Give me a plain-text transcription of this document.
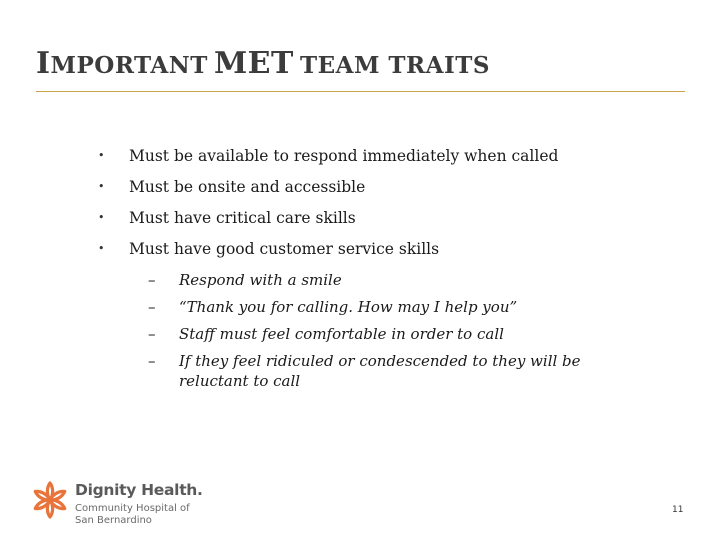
IMPORTANT MET TEAM TRAITS
• Must be available to respond immediately when called
• Must be onsite and accessible
• Must have critical care skills
• Must have good customer service skills
– Respond with a smile
– “Thank you for calling. How may I help you”
– Staff must feel comfortable in order to call
– If they feel ridiculed or condescended to they will be reluctant to call
Dignity Health.
Community Hospital of
San Bernardino
11
